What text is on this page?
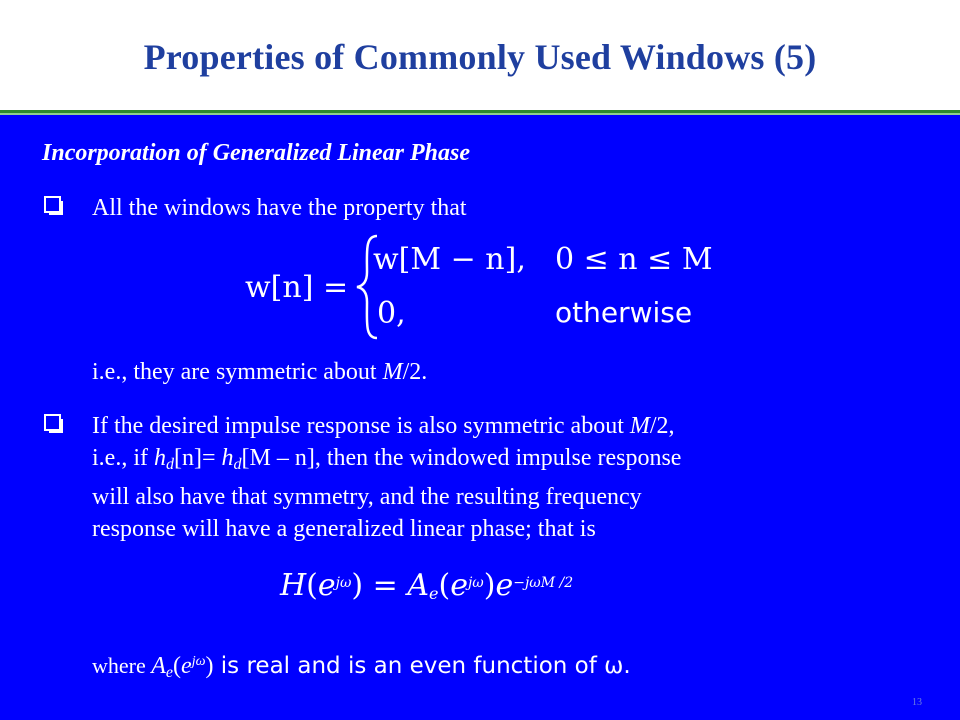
Properties of Commonly Used Windows (5)
Incorporation of Generalized Linear Phase
All the windows have the property that
w[n] =
w[M − n], 0 ≤ n ≤ M
0,	otherwise
i.e., they are symmetric about M/2.
If the desired impulse response is also symmetric about M/2,
i.e., if $h_d[n]= h_d[M - n]$, then the windowed impulse response
will also have that symmetry, and the resulting frequency
response will have a generalized linear phase; that is
$H(e^{j\omega}) = A_e(e^{j\omega})e^{-j\omega M /2}$
where $A_e(e^{j\omega})$ is real and is an even function of ω.
13
